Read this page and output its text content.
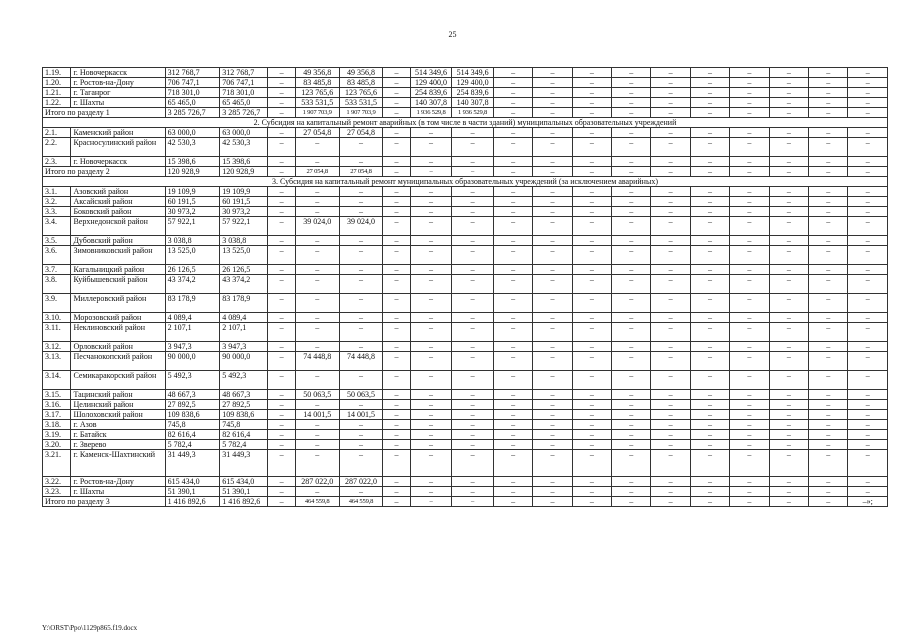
25
1.19.	г. Новочеркасск	312 768,7	312 768,7	–	49 356,8	49 356,8	–	514 349,6	514 349,6	–	–	–	–	–	–	–	–	–	–
1.20.	г. Ростов-на-Дону	706 747,1	706 747,1	–	83 485,8	83 485,8	–	129 400,0	129 400,0	–	–	–	–	–	–	–	–	–	–
1.21.	г. Таганрог	718 301,0	718 301,0	–	123 765,6	123 765,6	–	254 839,6	254 839,6	–	–	–	–	–	–	–	–	–	–
1.22.	г. Шахты	65 465,0	65 465,0	–	533 531,5	533 531,5	–	140 307,8	140 307,8	–	–	–	–	–	–	–	–	–	–
Итого по разделу 1		3 285 726,7	3 285 726,7	–	1 907 703,9	1 907 703,9	–	1 936 529,8	1 936 529,8	–	–	–	–	–	–	–	–	–	–
2. Субсидия на капитальный ремонт аварийных (в том числе в части зданий) муниципальных образовательных учреждений																			
2.1.	Каменский район	63 000,0	63 000,0	–	27 054,8	27 054,8	–	–	–	–	–	–	–	–	–	–	–	–	–
2.2.	Красносулинский район	42 530,3	42 530,3	–	–	–	–	–	–	–	–	–	–	–	–	–	–	–	–
2.3.	г. Новочеркасск	15 398,6	15 398,6	–	–	–	–	–	–	–	–	–	–	–	–	–	–	–	–
Итого по разделу 2		120 928,9	120 928,9	–	27 054,8	27 054,8	–	–	–	–	–	–	–	–	–	–	–	–	–
3. Субсидия на капитальный ремонт муниципальных образовательных учреждений (за исключением аварийных)																			
3.1.	Азовский район	19 109,9	19 109,9	–	–	–	–	–	–	–	–	–	–	–	–	–	–	–	–
3.2.	Аксайский район	60 191,5	60 191,5	–	–	–	–	–	–	–	–	–	–	–	–	–	–	–	–
3.3.	Боковский район	30 973,2	30 973,2	–	–	–	–	–	–	–	–	–	–	–	–	–	–	–	–
3.4.	Верхнедонской район	57 922,1	57 922,1	–	39 024,0	39 024,0	–	–	–	–	–	–	–	–	–	–	–	–	–
3.5.	Дубовский район	3 038,8	3 038,8	–	–	–	–	–	–	–	–	–	–	–	–	–	–	–	–
3.6.	Зимовниковский район	13 525,0	13 525,0	–	–	–	–	–	–	–	–	–	–	–	–	–	–	–	–
3.7.	Кагальницкий район	26 126,5	26 126,5	–	–	–	–	–	–	–	–	–	–	–	–	–	–	–	–
3.8.	Куйбышевский район	43 374,2	43 374,2	–	–	–	–	–	–	–	–	–	–	–	–	–	–	–	–
3.9.	Миллеровский район	83 178,9	83 178,9	–	–	–	–	–	–	–	–	–	–	–	–	–	–	–	–
3.10.	Морозовский район	4 089,4	4 089,4	–	–	–	–	–	–	–	–	–	–	–	–	–	–	–	–
3.11.	Неклиновский район	2 107,1	2 107,1	–	–	–	–	–	–	–	–	–	–	–	–	–	–	–	–
3.12.	Орловский район	3 947,3	3 947,3	–	–	–	–	–	–	–	–	–	–	–	–	–	–	–	–
3.13.	Песчанокопский район	90 000,0	90 000,0	–	74 448,8	74 448,8	–	–	–	–	–	–	–	–	–	–	–	–	–
3.14.	Семикаракорский район	5 492,3	5 492,3	–	–	–	–	–	–	–	–	–	–	–	–	–	–	–	–
3.15.	Тацинский район	48 667,3	48 667,3	–	50 063,5	50 063,5	–	–	–	–	–	–	–	–	–	–	–	–	–
3.16.	Целинский район	27 892,5	27 892,5	–	–	–	–	–	–	–	–	–	–	–	–	–	–	–	–
3.17.	Шолоховский район	109 838,6	109 838,6	–	14 001,5	14 001,5	–	–	–	–	–	–	–	–	–	–	–	–	–
3.18.	г. Азов	745,8	745,8	–	–	–	–	–	–	–	–	–	–	–	–	–	–	–	–
3.19.	г. Батайск	82 616,4	82 616,4	–	–	–	–	–	–	–	–	–	–	–	–	–	–	–	–
3.20.	г. Зверево	5 782,4	5 782,4	–	–	–	–	–	–	–	–	–	–	–	–	–	–	–	–
3.21.	г. Каменск-Шахтинский	31 449,3	31 449,3	–	–	–	–	–	–	–	–	–	–	–	–	–	–	–	–
3.22.	г. Ростов-на-Дону	615 434,0	615 434,0	–	287 022,0	287 022,0	–	–	–	–	–	–	–	–	–	–	–	–	–
3.23.	г. Шахты	51 390,1	51 390,1	–	–	–	–	–	–	–	–	–	–	–	–	–	–	–	–
Итого по разделу 3		1 416 892,6	1 416 892,6	–	464 559,8	464 559,8	–	–	–	–	–	–	–	–	–	–	–	–	–»;
Y:\ORST\Ppo\1129p865.f19.docx
